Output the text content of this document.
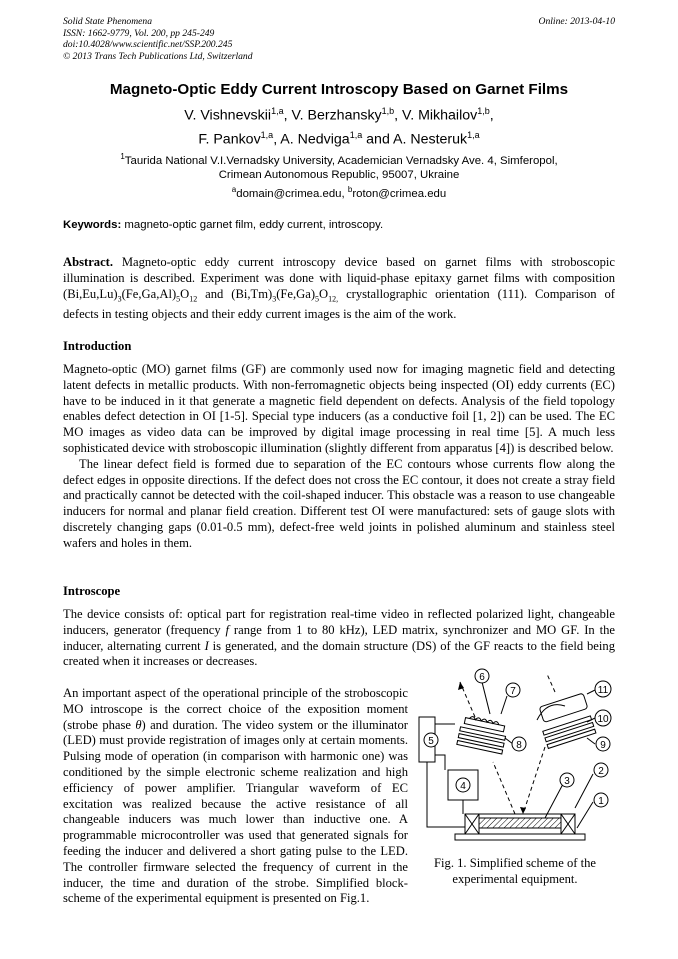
Solid State Phenomena
ISSN: 1662-9779, Vol. 200, pp 245-249
doi:10.4028/www.scientific.net/SSP.200.245
© 2013 Trans Tech Publications Ltd, Switzerland
Online: 2013-04-10
Magneto-Optic Eddy Current Introscopy Based on Garnet Films
V. Vishnevskii$^{1,a}$, V. Berzhansky$^{1,b}$, V. Mikhailov$^{1,b}$,
F. Pankov$^{1,a}$, A. Nedviga$^{1,a}$ and A. Nesteruk$^{1,a}$
$^1$Taurida National V.I.Vernadsky University, Academician Vernadsky Ave. 4, Simferopol,
Crimean Autonomous Republic, 95007, Ukraine
$^a$domain@crimea.edu, $^b$roton@crimea.edu
Keywords: magneto-optic garnet film, eddy current, introscopy.
Abstract. Magneto-optic eddy current introscopy device based on garnet films with stroboscopic illumination is described. Experiment was done with liquid-phase epitaxy garnet films with composition $(Bi,Eu,Lu)_3(Fe,Ga,Al)_5O_{12}$ and $(Bi,Tm)_3(Fe,Ga)_5O_{12,}$ crystallographic orientation (111). Comparison of defects in testing objects and their eddy current images is the aim of the work.
Introduction

Magneto-optic (MO) garnet films (GF) are commonly used now for imaging magnetic field and detecting latent defects in metallic products. With non-ferromagnetic objects being inspected (OI) eddy currents (EC) have to be induced in it that generate a magnetic field dependent on defects. Analysis of the field topology enables defect detection in OI [1-5]. Special type inducers (as a conductive foil [1, 2]) can be used. The EC MO images as video data can be improved by digital image processing in real time [5]. A much less sophisticated device with stroboscopic illumination (slightly different from apparatus [4]) is described below.

The linear defect field is formed due to separation of the EC contours whose currents flow along the defect edges in opposite directions. If the defect does not cross the EC contour, it does not create a stray field and practically cannot be detected with the coil-shaped inducer. This obstacle was a reason to use changeable inducers for normal and planar field creation. Different test OI were manufactured: sets of gauge slots with discretely changing gaps (0.01-0.5 mm), defect-free weld joints in polished aluminum and stainless steel wafers and holes in them.

Introscope
The device consists of: optical part for registration real-time video in reflected polarized light, changeable inducers, generator (frequency f range from 1 to 80 kHz), LED matrix, synchronizer and MO GF. In the inducer, alternating current I is generated, and the domain structure (DS) of the GF reacts to the field being created when it increases or decreases.
An important aspect of the operational principle of the stroboscopic MO introscope is the correct choice of the exposition moment (strobe phase θ) and duration. The video system or the illuminator (LED) must provide registration of images only at certain moments. Pulsing mode of operation (in comparison with harmonic one) was conditioned by the simple electronic scheme realization and high efficiency of power amplifier. Triangular waveform of EC excitation was realized because the active resistance of all changeable inducers was much lower than inductive one. A programmable microcontroller was used that generated signals for feeding the inducer and delivered a short gating pulse to the LED. The controller firmware selected the frequency of current in the inducer, the time and duration of the strobe. Simplified block-scheme of the experimental equipment is presented on Fig.1.
6
7
8
5
4
11
10
9
3
2
1
Fig. 1. Simplified scheme of the experimental equipment.
